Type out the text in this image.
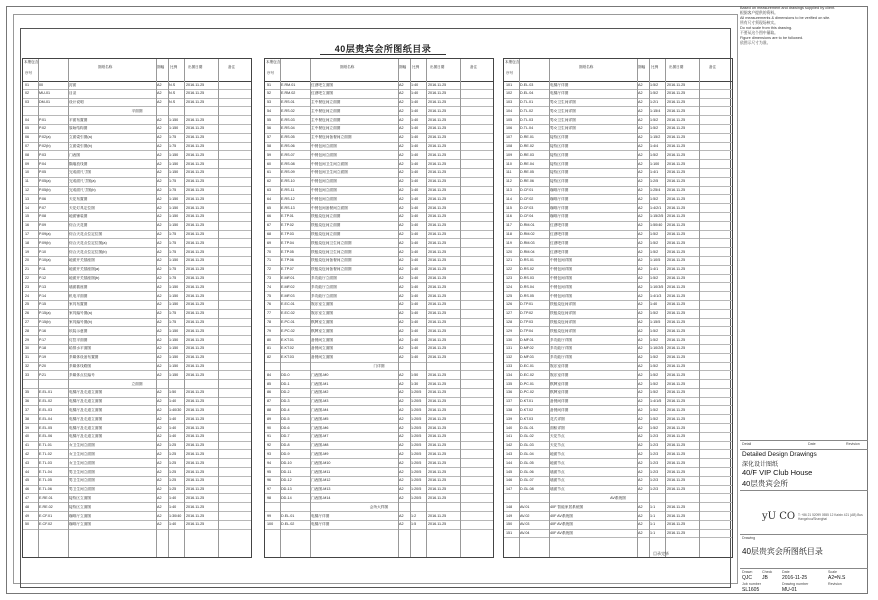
40层贵宾会所图纸目录
本册包含
序号
图纸名称	图幅 比例	出图日期	备注
01	00	封面	A2	N.S	2016.11.25
02	MU-01	目录	A2	N.S	2016.11.25
03	DM-01	设计说明	A2	N.S	2016.11.25
平面图
04	P.01	平面布置图	A2	1:150	2016.11.25
05	P.02	原始结构图	A2	1:150	2016.11.25
06	P.02(a)	立面索引图(a)	A2	1:75	2016.11.25
07	P.02(b)	立面索引图(b)	A2	1:75	2016.11.25
08	P.03	门表图	A2	1:150	2016.11.25
09	P.04	隔墙放线图	A2	1:150	2016.11.25
10	P.05	完成面尺寸图	A2	1:150	2016.11.25
11	P.05(a)	完成面尺寸图(a)	A2	1:75	2016.11.25
12	P.05(b)	完成面尺寸图(b)	A2	1:75	2016.11.25
13	P.06	天花布置图	A2	1:150	2016.11.25
14	P.07	天花灯具定位图	A2	1:150	2016.11.25
15	P.08	地面铺装图	A2	1:150	2016.11.25
16	P.09	综合天花图	A2	1:150	2016.11.25
17	P.09(a)	综合天花点位定位图	A2	1:75	2016.11.25
18	P.09(b)	综合天花点位定位图(a)	A2	1:75	2016.11.25
19	P.10	综合天花点位定位图(b)	A2	1:75	2016.11.25
20	P.10(a)	地面开关插座图	A2	1:150	2016.11.25
21	P.11	地面开关插座图(a)	A2	1:75	2016.11.25
22	P.12	地面开关插座图(b)	A2	1:75	2016.11.25
23	P.13	墙面插座图	A2	1:150	2016.11.25
24	P.14	机电平面图	A2	1:150	2016.11.25
25	P.15	家具布置图	A2	1:150	2016.11.25
26	P.15(a)	家具编号图(a)	A2	1:75	2016.11.25
27	P.15(b)	家具编号图(b)	A2	1:75	2016.11.25
28	P.16	软装示意图	A2	1:150	2016.11.25
29	P.17	灯控平面图	A2	1:150	2016.11.25
30	P.18	给排水平面图	A2	1:150	2016.11.25
31	P.19	多媒体设备布置图	A2	1:150	2016.11.25
32	P.20	多媒体线路图	A2	1:150	2016.11.25
33	P.21	多媒体点位编号	A2	1:150	2016.11.25
立面图
35	E.EL.01	电梯厅及走道立面图	A2	1:50	2016.11.25
36	E.EL.02	电梯厅及走道立面图	A2	1:40	2016.11.25
37	E.EL.03	电梯厅及走道立面图	A2	1:40/30	2016.11.25
38	E.EL.04	电梯厅及走道立面图	A2	1:40	2016.11.25
39	E.EL.05	电梯厅及走道立面图	A2	1:40	2016.11.25
40	E.EL.06	电梯厅及走道立面图	A2	1:40	2016.11.25
41	E.TL.01	女卫生间立面图	A2	1:25	2016.11.25
42	E.TL.02	女卫生间立面图	A2	1:25	2016.11.25
43	E.TL.03	女卫生间立面图	A2	1:25	2016.11.25
44	E.TL.04	男卫生间立面图	A2	1:25	2016.11.25
45	E.TL.05	男卫生间立面图	A2	1:25	2016.11.25
46	E.TL.06	男卫生间立面图	A2	1:25	2016.11.25
47	E.RE.01	接待区立面图	A2	1:40	2016.11.25
48	E.RE.02	接待区立面图	A2	1:40	2016.11.25
49	E.CF.01	咖啡厅立面图	A2	1:30/40	2016.11.25
50	E.CF.02	咖啡厅立面图	A2	1:40	2016.11.25
本册包含
序号
图纸名称	图幅 比例	出图日期	备注
51	E.RM.01	红酒吧立面图	A2	1:40	2016.11.25
52	E.RM.02	红酒吧立面图	A2	1:40	2016.11.25
53	E.RS.01	主中餐包间立面图	A2	1:40	2016.11.25
54	E.RS.02	主中餐包间立面图	A2	1:40	2016.11.25
55	E.RS.03	主中餐包间立面图	A2	1:40	2016.11.25
56	E.RS.04	主中餐包间立面图	A2	1:40	2016.11.25
57	E.RS.05	主中餐包间备餐间立面图	A2	1:40	2016.11.25
58	E.RS.06	中餐包间立面图	A2	1:40	2016.11.25
59	E.RS.07	中餐包间立面图	A2	1:40	2016.11.25
60	E.RS.08	中餐包间卫生间立面图	A2	1:40	2016.11.25
61	E.RS.09	中餐包间卫生间立面图	A2	1:40	2016.11.25
62	E.RS.10	中餐包间立面图	A2	1:40	2016.11.25
63	E.RS.11	中餐包间立面图	A2	1:40	2016.11.25
64	E.RS.12	中餐包间立面图	A2	1:40	2016.11.25
65	E.RS.13	中餐包间备餐间立面图	A2	1:40	2016.11.25
66	E.TP.01	铁板烧包间立面图	A2	1:40	2016.11.25
67	E.TP.02	铁板烧包间立面图	A2	1:40	2016.11.25
68	E.TP.03	铁板烧包间立面图	A2	1:40	2016.11.25
69	E.TP.04	铁板烧包间卫生间立面图	A2	1:40	2016.11.25
70	E.TP.05	铁板烧包间卫生间立面图	A2	1:40	2016.11.25
71	E.TP.06	铁板烧包间备餐间立面图	A2	1:40	2016.11.25
72	E.TP.07	铁板烧包间备餐间立面图	A2	1:40	2016.11.25
73	E.MF.01	多功能厅立面图	A2	1:40	2016.11.25
74	E.MF.02	多功能厅立面图	A2	1:40	2016.11.25
75	E.MF.03	多功能厅立面图	A2	1:40	2016.11.25
76	E.EC.01	娱乐室立面图	A2	1:40	2016.11.25
77	E.EC.02	娱乐室立面图	A2	1:40	2016.11.25
78	E.PC.01	棋牌室立面图	A2	1:40	2016.11.25
79	E.PC.02	棋牌室立面图	A2	1:40	2016.11.25
80	E.KT.01	备餐间立面图	A2	1:40	2016.11.25
81	E.KT.02	备餐间立面图	A2	1:40	2016.11.25
82	E.KT.03	备餐间立面图	A2	1:40	2016.11.25
门详图
84	DD-0	门表图-M0	A2	1:50	2016.11.25
85	DD-1	门表图-M1	A2	1:30	2016.11.25
86	DD-2	门表图-M2	A2	1:20/5	2016.11.25
87	DD-3	门表图-M3	A2	1:20/5	2016.11.25
88	DD-4	门表图-M4	A2	1:20/5	2016.11.25
89	DD-5	门表图-M5	A2	1:20/5	2016.11.25
90	DD-6	门表图-M6	A2	1:20/5	2016.11.25
91	DD-7	门表图-M7	A2	1:20/5	2016.11.25
92	DD-8	门表图-M8	A2	1:20/5	2016.11.25
93	DD-9	门表图-M9	A2	1:20/5	2016.11.25
94	DD-10	门表图-M10	A2	1:20/5	2016.11.25
95	DD-11	门表图-M11	A2	1:20/5	2016.11.25
96	DD-12	门表图-M12	A2	1:20/5	2016.11.25
97	DD-13	门表图-M13	A2	1:20/5	2016.11.25
98	DD-14	门表图-M14	A2	1:20/5	2016.11.25
会所大样图
99	D.EL.01	电梯厅详图	A2	1:2	2016.11.25
100	D.EL.02	电梯厅详图	A2	1:5	2016.11.25
本册包含
序号
图纸名称	图幅 比例	出图日期	备注
101	D.EL.03	电梯厅详图	A2	1:5/2	2016.11.25
102	D.EL.04	电梯厅详图	A2	1:5/2	2016.11.25
103	D.TL.01	男女卫生间详图	A2	1:2/1	2016.11.25
104	D.TL.02	男女卫生间详图	A2	1:15/4	2016.11.25
105	D.TL.03	男女卫生间详图	A2	1:5/2	2016.11.25
106	D.TL.04	男女卫生间详图	A2	1:5/2	2016.11.25
107	D.RE.01	接待区详图	A2	1:15/2	2016.11.25
108	D.RE.02	接待区详图	A2	1:4/4	2016.11.25
109	D.RE.03	接待区详图	A2	1:5/2	2016.11.25
110	D.RE.04	接待区详图	A2	1:100	2016.11.25
111	D.RE.05	接待区详图	A2	1:4/1	2016.11.25
112	D.RE.06	接待区详图	A2	1:2/5	2016.11.25
113	D.CF.01	咖啡厅详图	A2	1:25/4	2016.11.25
114	D.CF.02	咖啡厅详图	A2	1:5/2	2016.11.25
115	D.CF.03	咖啡厅详图	A2	1:4/2/1	2016.11.25
116	D.CF.04	咖啡厅详图	A2	1:15/2/5 2016.11.25
117	D.RM.01	红酒吧详图	A2	1:50/40	2016.11.25
118	D.RM.02	红酒吧详图	A2	1:5/2	2016.11.25
119	D.RM.03	红酒吧详图	A2	1:5/2	2016.11.25
120	D.RM.04	红酒吧详图	A2	1:5/2	2016.11.25
121	D.RS.01	中餐包间详图	A2	1:10/5	2016.11.25
122	D.RS.02	中餐包间详图	A2	1:4/1	2016.11.25
123	D.RS.03	中餐包间详图	A2	1:5/2	2016.11.25
124	D.RS.04	中餐包间详图	A2	1:10/3/5 2016.11.25
125	D.RS.05	中餐包间详图	A2	1:4/1/3	2016.11.25
126	D.TP.01	铁板烧包间详图	A2	1:40	2016.11.25
127	D.TP.02	铁板烧包间详图	A2	1:5/2	2016.11.25
128	D.TP.03	铁板烧包间详图	A2	1:15/5	2016.11.25
129	D.TP.04	铁板烧包间详图	A2	1:5/2	2016.11.25
130	D.MF.01	多功能厅详图	A2	1:5/2	2016.11.25
131	D.MF.02	多功能厅详图	A2	1:10/2/5 2016.11.25
132	D.MF.03	多功能厅详图	A2	1:5/2	2016.11.25
133	D.EC.01	娱乐室详图	A2	1:5/2	2016.11.25
134	D.EC.02	娱乐室详图	A2	1:5/2	2016.11.25
135	D.PC.01	棋牌室详图	A2	1:5/2	2016.11.25
136	D.PC.02	棋牌室详图	A2	1:5/2	2016.11.25
137	D.KT.01	备餐间详图	A2	1:4/1/5	2016.11.25
138	D.KT.02	备餐间详图	A2	1:5/2	2016.11.25
139	D.KT.03	花式详图	A2	1:5/2	2016.11.25
140	D.GL.01	面积详图	A2	1:5/2	2016.11.25
141	D.GL.02	天花节点	A2	1:2/3	2016.11.25
142	D.GL.03	天花节点	A2	1:2/3	2016.11.25
143	D.GL.04	地面节点	A2	1:2/3	2016.11.25
144	D.GL.05	地面节点	A2	1:2/3	2016.11.25
145	D.GL.06	墙面节点	A2	1:2/3	2016.11.25
146	D.GL.07	墙面节点	A2	1:2/3	2016.11.25
147	D.GL.08	墙面节点	A2	1:2/3	2016.11.25
AV系统图
148	AV.01	40F 智能家居系统图	A2	1:1	2016.11.25
149	AV.02	40F AV系统图	A2	1:1	2016.11.25
150	AV.03	40F AV系统图	A2	1:1	2016.11.25
151	AV.04	40F AV系统图	A2	1:1	2016.11.25
目录完毕
Based on measurement and drawings supplied by client.
根据客户提供的资料。
All measurements & dimensions to be verified on site.
所有尺寸须现场核实。
Do not scale from this drawing.
不要从这个图中量取。
Figure dimensions are to be followed.
依图示尺寸为准。
Detail	Date	Revision
Detailed Design Drawings
深化设计图纸
40/F VIP Club House
40层贵宾会所
yU CO T: +86 21 52099 0555 12 Kaixin 421 (AB) Bus Hangzhou/Shanghai
Drawing
40层贵宾会所图纸目录
Drawn	Check	Date	Scale
QJC JB	2016-11-25	A2=N.S
Job number	Drawing number	Revision
SL1605	MU-01
